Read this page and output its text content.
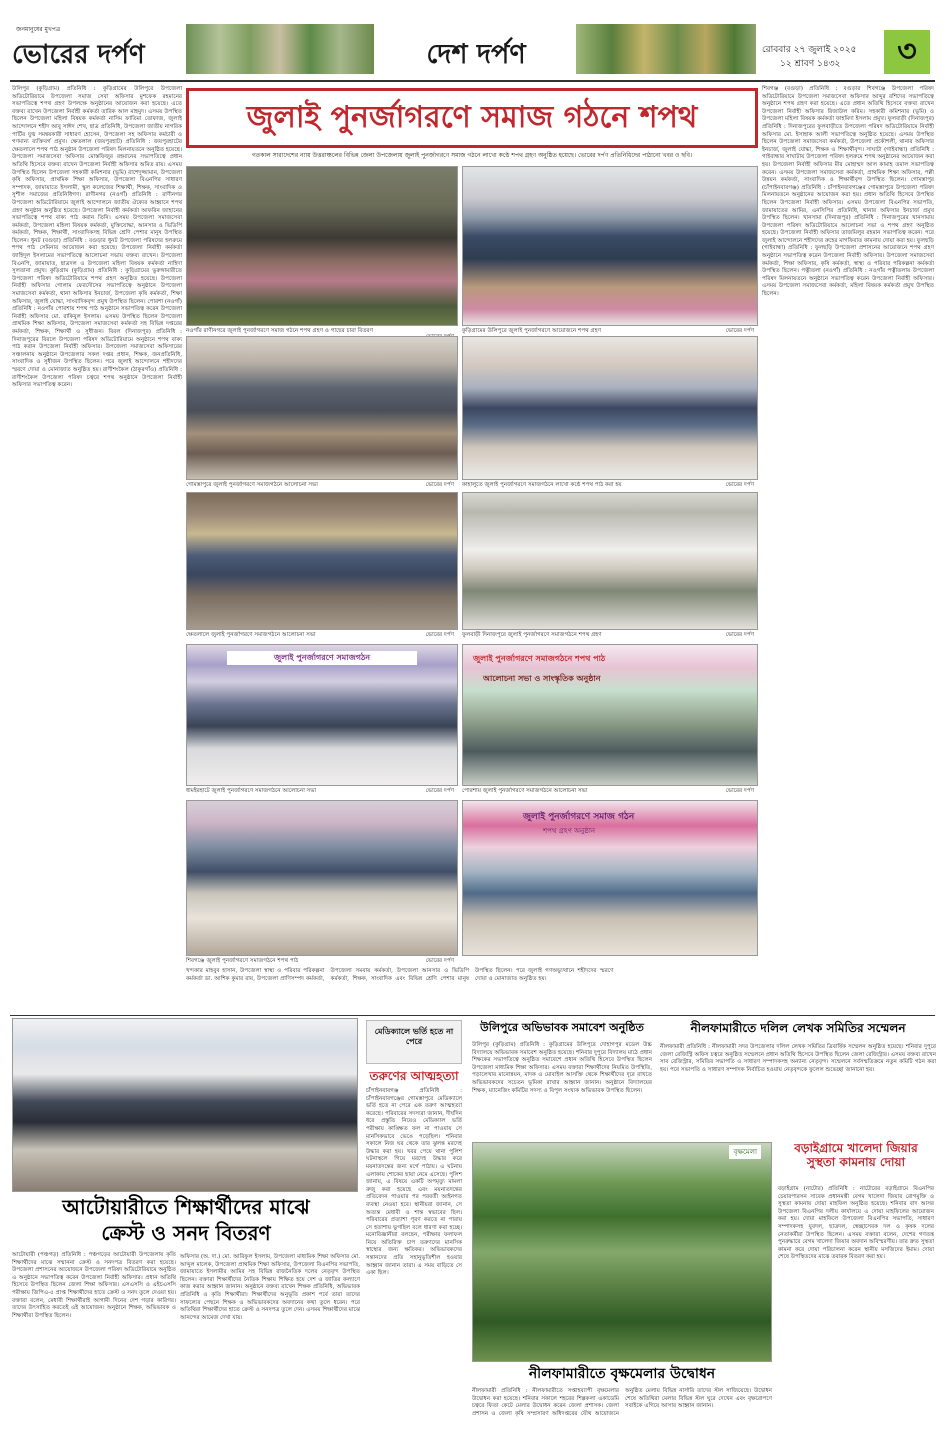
জনমানুষের মুখপত্র
ভোরের দর্পণ	দেশ দর্পণ	রোববার ২৭ জুলাই ২০২৫
১২ শ্রাবণ ১৪৩২	৩
জুলাই পুনর্জাগরণে সমাজ গঠনে শপথ
গতকাল সারাদেশের ন্যায় উত্তরাঞ্চলের বিভিন্ন জেলা উপজেলায় জুলাই পুনর্জাগরণে সমাজ গঠনে লাখো কণ্ঠে শপথ গ্রহণ অনুষ্ঠিত হয়েছে। ভোরের দর্পণ প্রতিনিধিদের পাঠানো খবর ও ছবি।
উলিপুর (কুড়িগ্রাম) প্রতিনিধি : কুড়িগ্রামের উলিপুরে উপজেলা অডিটোরিয়ামে উপজেলা সমাজ সেবা অফিসার মুশফেক রহমানের সভাপতিত্বে শপথ গ্রহণ উপলক্ষে অনুষ্ঠানের আয়োজন করা হয়েছে। এতে বক্তব্য রাখেন উপজেলা নির্বাহী কর্মকর্তা তারিক আল মাহমুদ। এসময় উপস্থিত ছিলেন উপজেলা মহিলা বিষয়ক কর্মকর্তা নাসিম ফাতিমা তোফাজ, জুলাই আন্দোলনে শহীদ আবু সাঈদ শেখ, ছাত্র প্রতিনিধি, উপজেলা জাতীয় নাগরিক পার্টির যুগ্ম সমন্বয়কারী সাধারণ হোসেন, উপজেলা সহ অফিসার কর্মচারী ও গণমান্য ব্যক্তিবর্গ প্রমুখ। ক্ষেতলাল (জয়পুরহাট) প্রতিনিধি : জয়পুরহাটের ক্ষেতলালে শপথ পাঠ অনুষ্ঠান উপজেলা পরিষদ মিলনায়তনে অনুষ্ঠিত হয়েছে। উপজেলা সমাজসেবা অফিসার মোস্তফিজুর রহমানের সভাপতিত্বে প্রধান অতিথি হিসেবে বক্তব্য রাখেন উপজেলা নির্বাহী অফিসার অমিত রায়। এসময় উপস্থিত ছিলেন উপজেলা সহকারী কমিশনার (ভূমি) রাশেদুজ্জামান, উপজেলা কৃষি অফিসার, প্রাথমিক শিক্ষা অফিসার, উপজেলা বিএনপির সাধারণ সম্পাদক, জামায়াতে ইসলামী, স্কুল কলেজের শিক্ষার্থী, শিক্ষক, সাংবাদিক ও সুশীল সমাজের প্রতিনিধিগণ। রাণীনগর (নওগাঁ) প্রতিনিধি : রাণীনগর উপজেলা অডিটোরিয়ামে জুলাই আন্দোলনে জাতীয় ঐক্যের আহ্বানে শপথ গ্রহণ অনুষ্ঠান অনুষ্ঠিত হয়েছে। উপজেলা নির্বাহী কর্মকর্তা আফরিন জাহানের সভাপতিত্বে শপথ বাক্য পাঠ করান তিনি। এসময় উপজেলা সমাজসেবা কর্মকর্তা, উপজেলা মহিলা বিষয়ক কর্মকর্তা, মুক্তিযোদ্ধা, আনসার ও ভিডিপি কর্মকর্তা, শিক্ষক, শিক্ষার্থী, সাংবাদিকসহ বিভিন্ন শ্রেণি পেশার মানুষ উপস্থিত ছিলেন। ধুনট (বগুড়া) প্রতিনিধি : বগুড়ার ধুনট উপজেলা পরিষদের হলরুমে শপথ পাঠ সেমিনার আয়োজন করা হয়েছে। উপজেলা নির্বাহী কর্মকর্তা জাহিদুল ইসলামের সভাপতিত্বে আলোচনা সভায় বক্তব্য রাখেন। উপজেলা বিএনপি, জামায়াত, ছাত্রদল ও উপজেলা মহিলা বিষয়ক কর্মকর্তা নাহিদা সুলতানা প্রমুখ। কুড়িগ্রাম (কুড়িগ্রাম) প্রতিনিধি : কুড়িগ্রামের ভুরুঙ্গামারীতে উপজেলা পরিষদ অডিটোরিয়ামে শপথ গ্রহণ অনুষ্ঠিত হয়েছে। উপজেলা নির্বাহী অফিসার গোলাম ফেরদৌসের সভাপতিত্বে অনুষ্ঠানে উপজেলা সমাজসেবা কর্মকর্তা, থানা অফিসার ইনচার্জ, উপজেলা কৃষি কর্মকর্তা, শিক্ষা অফিসার, জুলাই যোদ্ধা, সাংবাদিকবৃন্দ প্রমুখ উপস্থিত ছিলেন। পোরশা (নওগাঁ) প্রতিনিধি : নওগাঁর পোরশায় শপথ পাঠ অনুষ্ঠানে সভাপতিত্ব করেন উপজেলা নির্বাহী অফিসার মো. রাকিবুল ইসলাম। এসময় উপস্থিত ছিলেন উপজেলা প্রাথমিক শিক্ষা অফিসার, উপজেলা সমাজসেবা কর্মকর্তা সহ বিভিন্ন দপ্তরের কর্মকর্তা, শিক্ষক, শিক্ষার্থী ও সুধীজন। বিরল (দিনাজপুর) প্রতিনিধি : দিনাজপুরের বিরলে উপজেলা পরিষদ অডিটোরিয়ামে অনুষ্ঠানে শপথ বাক্য পাঠ করান উপজেলা নির্বাহী অফিসার। উপজেলা সমাজসেবা অফিসারের সঞ্চালনায় অনুষ্ঠানে উপজেলার সকল দপ্তর প্রধান, শিক্ষক, জনপ্রতিনিধি, সাংবাদিক ও সুধীজন উপস্থিত ছিলেন। পরে জুলাই আন্দোলনে শহীদদের স্মরণে দোয়া ও মোনাজাত অনুষ্ঠিত হয়। রাণীশংকৈল (ঠাকুরগাঁও) প্রতিনিধি : রাণীশংকৈল উপজেলা পরিষদ চত্বরে শপথ অনুষ্ঠানে উপজেলা নির্বাহী অফিসার সভাপতিত্ব করেন।
শিবগঞ্জ (বগুড়া) প্রতিনিধি : বগুড়ার শিবগঞ্জে উপজেলা পরিষদ অডিটোরিয়ামে উপজেলা সমাজসেবা অফিসার আব্দুর রশিদের সভাপতিত্বে অনুষ্ঠানে শপথ গ্রহণ করা হয়েছে। এতে প্রধান অতিথি হিসেবে বক্তব্য রাখেন উপজেলা নির্বাহী অফিসার রিজাউল করিম। সহকারী কমিশনার (ভূমি) ও উপজেলা মহিলা বিষয়ক কর্মকর্তা ফাহমিদা ইসলাম প্রমুখ। ফুলবাড়ী (দিনাজপুর) প্রতিনিধি : দিনাজপুরের ফুলবাড়ীতে উপজেলা পরিষদ অডিটোরিয়ামে নির্বাহী অফিসার মো. ইসাহাক আলী সভাপতিত্বে অনুষ্ঠিত হয়েছে। এসময় উপস্থিত ছিলেন উপজেলা সমাজসেবা কর্মকর্তা, উপজেলা প্রকৌশলী, থানার অফিসার ইনচার্জ, জুলাই যোদ্ধা, শিক্ষক ও শিক্ষার্থীবৃন্দ। সাঘাটা (গাইবান্ধা) প্রতিনিধি : গাইবান্ধার সাঘাটায় উপজেলা পরিষদ হলরুমে শপথ অনুষ্ঠানের আয়োজন করা হয়। উপজেলা নির্বাহী অফিসার মীর মোহাম্মদ আল কামাহ তমাল সভাপতিত্ব করেন। এসময় উপজেলা সমাজসেবা কর্মকর্তা, প্রাথমিক শিক্ষা অফিসার, পল্লী উন্নয়ন কর্মকর্তা, সাংবাদিক ও শিক্ষার্থীবৃন্দ উপস্থিত ছিলেন। গোমস্তাপুর (চাঁপাইনবাবগঞ্জ) প্রতিনিধি : চাঁপাইনবাবগঞ্জের গোমস্তাপুরে উপজেলা পরিষদ মিলনায়তনে অনুষ্ঠানের আয়োজন করা হয়। প্রধান অতিথি হিসেবে উপস্থিত ছিলেন উপজেলা নির্বাহী অফিসার। এসময় উপজেলা বিএনপির সভাপতি, জামায়াতের আমির, এনসিপির প্রতিনিধি, থানার অফিসার ইনচার্জ প্রমুখ উপস্থিত ছিলেন। খানসামা (দিনাজপুর) প্রতিনিধি : দিনাজপুরের খানসামায় উপজেলা পরিষদ অডিটোরিয়ামে আলোচনা সভা ও শপথ গ্রহণ অনুষ্ঠিত হয়েছে। উপজেলা নির্বাহী অফিসার তাজমিলুর রহমান সভাপতিত্ব করেন। পরে জুলাই আন্দোলনে শহীদদের রুহের মাগফিরাত কামনায় দোয়া করা হয়। ফুলছড়ি (গাইবান্ধা) প্রতিনিধি : ফুলছড়ি উপজেলা প্রশাসনের আয়োজনে শপথ গ্রহণ অনুষ্ঠানে সভাপতিত্ব করেন উপজেলা নির্বাহী অফিসার। উপজেলা সমাজসেবা কর্মকর্তা, শিক্ষা অফিসার, কৃষি কর্মকর্তা, স্বাস্থ্য ও পরিবার পরিকল্পনা কর্মকর্তা উপস্থিত ছিলেন। পত্নীতলা (নওগাঁ) প্রতিনিধি : নওগাঁর পত্নীতলায় উপজেলা পরিষদ মিলনায়তনে অনুষ্ঠানে সভাপতিত্ব করেন উপজেলা নির্বাহী অফিসার। এসময় উপজেলা সমাজসেবা কর্মকর্তা, মহিলা বিষয়ক কর্মকর্তা প্রমুখ উপস্থিত ছিলেন।
নওগাঁর রাণীনগরে জুলাই পুনর্জাগরণে সমাজ গঠনে শপথ গ্রহণ ও গাছের চারা বিতরণ	কুড়িগ্রামের উলিপুরে জুলাই পুনর্জাগরণে আয়োজনে শপথ গ্রহণ	ভোরের দর্পণ
গোমস্তাপুরে জুলাই পুনর্জাগরণে সমাজগঠনে আলোচনা সভা	ভোরের দর্পণ কাহালুতে জুলাই পুনর্জাগরণে সমাজগঠনে লাখো কণ্ঠে শপথ পাঠ করা হয়	ভোরের দর্পণ
ক্ষেতলালে জুলাই পুনর্জাগরণে সমাজগঠনে আলোচনা সভা	ভোরের দর্পণ ফুলবাড়ী দিনাজপুরে জুলাই পুনর্জাগরণে সমাজগঠনে শপথ গ্রহণ	ভোরের দর্পণ
জুলাই পুনর্জাগরণে সমাজগঠন
ধামইরহাটে জুলাই পুনর্জাগরণে সমাজগঠনে আলোচনা সভা	ভোরের দর্পণ
জুলাই পুনর্জাগরণে সমাজগঠনে শপথ পাঠ
আলোচনা সভা ও সাংস্কৃতিক অনুষ্ঠান
পোরশায় জুলাই পুনর্জাগরণে সমাজগঠনে আলোচনা সভা	ভোরের দর্পণ
শিবগঞ্জে জুলাই পুনর্জাগরণে সমাজগঠনে শপথ পাঠ	ভোরের দর্পণ
জুলাই পুনর্জাগরণে সমাজ গঠন
শপথ গ্রহণ অনুষ্ঠান
খন্দকার মাহবুব হাসান, উপজেলা স্বাস্থ্য ও পরিবার পরিকল্পনা কর্মকর্তা ডা. আশিক কুমার রায়, উপজেলা প্রাণিসম্পদ কর্মকর্তা, উপজেলা সমবায় কর্মকর্তা, উপজেলা আনসার ও ভিডিপি কর্মকর্তা, শিক্ষক, সাংবাদিক এবং বিভিন্ন শ্রেণি পেশার মানুষ উপস্থিত ছিলেন। পরে জুলাই গণঅভ্যুত্থানে শহীদদের স্মরণে দোয়া ও মোনাজাত অনুষ্ঠিত হয়।
মেডিক্যালে ভর্তি হতে না পেরে
তরুণের আত্মহত্যা
চাঁপাইনবাবগঞ্জ প্রতিনিধি : চাঁপাইনবাবগঞ্জের গোমস্তাপুরে মেডিক্যালে ভর্তি হতে না পেরে এক তরুণ আত্মহত্যা করেছে। পরিবারের সদস্যরা জানান, দীর্ঘদিন ধরে প্রস্তুতি নিয়েও মেডিক্যাল ভর্তি পরীক্ষায় কাঙ্ক্ষিত ফল না পাওয়ায় সে মানসিকভাবে ভেঙে পড়েছিল। শনিবার সকালে নিজ ঘর থেকে তার ঝুলন্ত মরদেহ উদ্ধার করা হয়। খবর পেয়ে থানা পুলিশ ঘটনাস্থলে গিয়ে মরদেহ উদ্ধার করে ময়নাতদন্তের জন্য মর্গে পাঠায়। এ ঘটনায় এলাকায় শোকের ছায়া নেমে এসেছে। পুলিশ জানায়, এ বিষয়ে একটি অপমৃত্যু মামলা রুজু করা হয়েছে এবং ময়নাতদন্তের প্রতিবেদন পাওয়ার পর পরবর্তী আইনগত ব্যবস্থা নেওয়া হবে। স্থানীয়রা জানান, সে অত্যন্ত মেধাবী ও শান্ত স্বভাবের ছিল। পরিবারের প্রত্যাশা পূরণ করতে না পারায় সে হতাশায় ভুগছিল বলে ধারণা করা হচ্ছে। মনোবিজ্ঞানীরা বলছেন, পরীক্ষার ফলাফল নিয়ে অতিরিক্ত চাপ তরুণদের মানসিক স্বাস্থ্যের জন্য ক্ষতিকর। অভিভাবকদের সন্তানদের প্রতি সহানুভূতিশীল হওয়ার আহ্বান জানান তারা। এ সময় বাড়িতে সে একা ছিল।
উলিপুরে অভিভাবক সমাবেশ অনুষ্ঠিত
উলিপুর (কুড়িগ্রাম) প্রতিনিধি : কুড়িগ্রামের উলিপুরে দোহাগপুর মডেল উচ্চ বিদ্যালয়ে অভিভাবক সমাবেশ অনুষ্ঠিত হয়েছে। শনিবার দুপুরে বিদ্যালয় মাঠে প্রধান শিক্ষকের সভাপতিত্বে অনুষ্ঠিত সমাবেশে প্রধান অতিথি হিসেবে উপস্থিত ছিলেন উপজেলা মাধ্যমিক শিক্ষা অফিসার। এসময় বক্তারা শিক্ষার্থীদের নিয়মিত উপস্থিতি, পড়ালেখার মানোন্নয়ন, মাদক ও মোবাইল আসক্তি থেকে শিক্ষার্থীদের দূরে রাখতে অভিভাবকদের সচেতন ভূমিকা রাখার আহ্বান জানান। অনুষ্ঠানে বিদ্যালয়ের শিক্ষক, ম্যানেজিং কমিটির সদস্য ও বিপুল সংখ্যক অভিভাবক উপস্থিত ছিলেন।
নীলফামারীতে দলিল লেখক সমিতির সম্মেলন
নীলফামারী প্রতিনিধি : নীলফামারী সদর উপজেলার দলিল লেখক সমিতির ত্রিবার্ষিক সম্মেলন অনুষ্ঠিত হয়েছে। শনিবার দুপুরে জেলা রেজিস্ট্রি অফিস চত্বরে অনুষ্ঠিত সম্মেলনে প্রধান অতিথি হিসেবে উপস্থিত ছিলেন জেলা রেজিস্ট্রার। এসময় বক্তব্য রাখেন সাব রেজিস্ট্রার, সমিতির সভাপতি ও সাধারণ সম্পাদকসহ অন্যান্য নেতৃবৃন্দ। সম্মেলনে সর্বসম্মতিক্রমে নতুন কমিটি গঠন করা হয়। পরে সভাপতি ও সাধারণ সম্পাদক নির্বাচিত হওয়ায় নেতৃবৃন্দকে ফুলেল শুভেচ্ছা জানানো হয়।
বৃক্ষমেলা	বড়াইগ্রামে খালেদা জিয়ার সুস্থতা কামনায় দোয়া
বড়াইগ্রাম (নাটোর) প্রতিনিধি : নাটোরের বড়াইগ্রামে বিএনপির চেয়ারপারসন সাবেক প্রধানমন্ত্রী বেগম খালেদা জিয়ার রোগমুক্তি ও সুস্থতা কামনায় দোয়া মাহফিল অনুষ্ঠিত হয়েছে। শনিবার বাদ আসর উপজেলা বিএনপির দলীয় কার্যালয়ে এ দোয়া মাহফিলের আয়োজন করা হয়। দোয়া মাহফিলে উপজেলা বিএনপির সভাপতি, সাধারণ সম্পাদকসহ যুবদল, ছাত্রদল, স্বেচ্ছাসেবক দল ও কৃষক দলের নেতাকর্মীরা উপস্থিত ছিলেন। এসময় বক্তারা বলেন, দেশের গণতন্ত্র পুনরুদ্ধারে বেগম খালেদা জিয়ার অবদান অবিস্মরণীয়। তার দ্রুত সুস্থতা কামনা করে দোয়া পরিচালনা করেন স্থানীয় মসজিদের ইমাম। দোয়া শেষে উপস্থিতদের মাঝে তবারক বিতরণ করা হয়।
আটোয়ারীতে শিক্ষার্থীদের মাঝে
ক্রেস্ট ও সনদ বিতরণ
আটোয়ারী (পঞ্চগড়) প্রতিনিধি : পঞ্চগড়ের আটোয়ারী উপজেলায় কৃতি শিক্ষার্থীদের মাঝে সম্মাননা ক্রেস্ট ও সনদপত্র বিতরণ করা হয়েছে। উপজেলা প্রশাসনের আয়োজনে উপজেলা পরিষদ অডিটোরিয়ামে অনুষ্ঠিত এ অনুষ্ঠানে সভাপতিত্ব করেন উপজেলা নির্বাহী অফিসার। প্রধান অতিথি হিসেবে উপস্থিত ছিলেন জেলা শিক্ষা অফিসার। এসএসসি ও এইচএসসি পরীক্ষায় জিপিএ-৫ প্রাপ্ত শিক্ষার্থীদের হাতে ক্রেস্ট ও সনদ তুলে দেওয়া হয়। বক্তারা বলেন, মেধাবী শিক্ষার্থীরাই আগামী দিনের দেশ গড়ার কারিগর। তাদের উৎসাহিত করতেই এই আয়োজন। অনুষ্ঠানে শিক্ষক, অভিভাবক ও শিক্ষার্থীরা উপস্থিত ছিলেন।
অফিসার (অ. দা.) মো. আরিফুল ইসলাম, উপজেলা মাধ্যমিক শিক্ষা অফিসার মো. আব্দুল মালেক, উপজেলা প্রাথমিক শিক্ষা অফিসার, উপজেলা বিএনপির সভাপতি, জামায়াতে ইসলামীর আমির সহ বিভিন্ন রাজনৈতিক দলের নেতৃবৃন্দ উপস্থিত ছিলেন। বক্তারা শিক্ষার্থীদের নৈতিক শিক্ষায় শিক্ষিত হয়ে দেশ ও জাতির কল্যাণে কাজ করার আহ্বান জানান। অনুষ্ঠানে বক্তব্য রাখেন শিক্ষক প্রতিনিধি, অভিভাবক প্রতিনিধি ও কৃতি শিক্ষার্থীরা। শিক্ষার্থীদের অনুভূতি প্রকাশ পর্বে তারা তাদের সাফল্যের পেছনে শিক্ষক ও অভিভাবকদের অবদানের কথা তুলে ধরেন। পরে অতিথিরা শিক্ষার্থীদের হাতে ক্রেস্ট ও সনদপত্র তুলে দেন। এসময় শিক্ষার্থীদের মাঝে আনন্দের আমেজ দেখা যায়।
নীলফামারীতে বৃক্ষমেলার উদ্বোধন
নীলফামারী প্রতিনিধি : নীলফামারীতে সপ্তাহব্যাপী বৃক্ষমেলার উদ্বোধন করা হয়েছে। শনিবার সকালে শহরের শিল্পকলা একাডেমি চত্বরে ফিতা কেটে মেলার উদ্বোধন করেন জেলা প্রশাসক। জেলা প্রশাসন ও জেলা কৃষি সম্প্রসারণ অধিদপ্তরের যৌথ আয়োজনে অনুষ্ঠিত মেলায় বিভিন্ন নার্সারি তাদের স্টল সাজিয়েছে। উদ্বোধন শেষে অতিথিরা মেলার বিভিন্ন স্টল ঘুরে দেখেন এবং বৃক্ষরোপণে সবাইকে এগিয়ে আসার আহ্বান জানান।
